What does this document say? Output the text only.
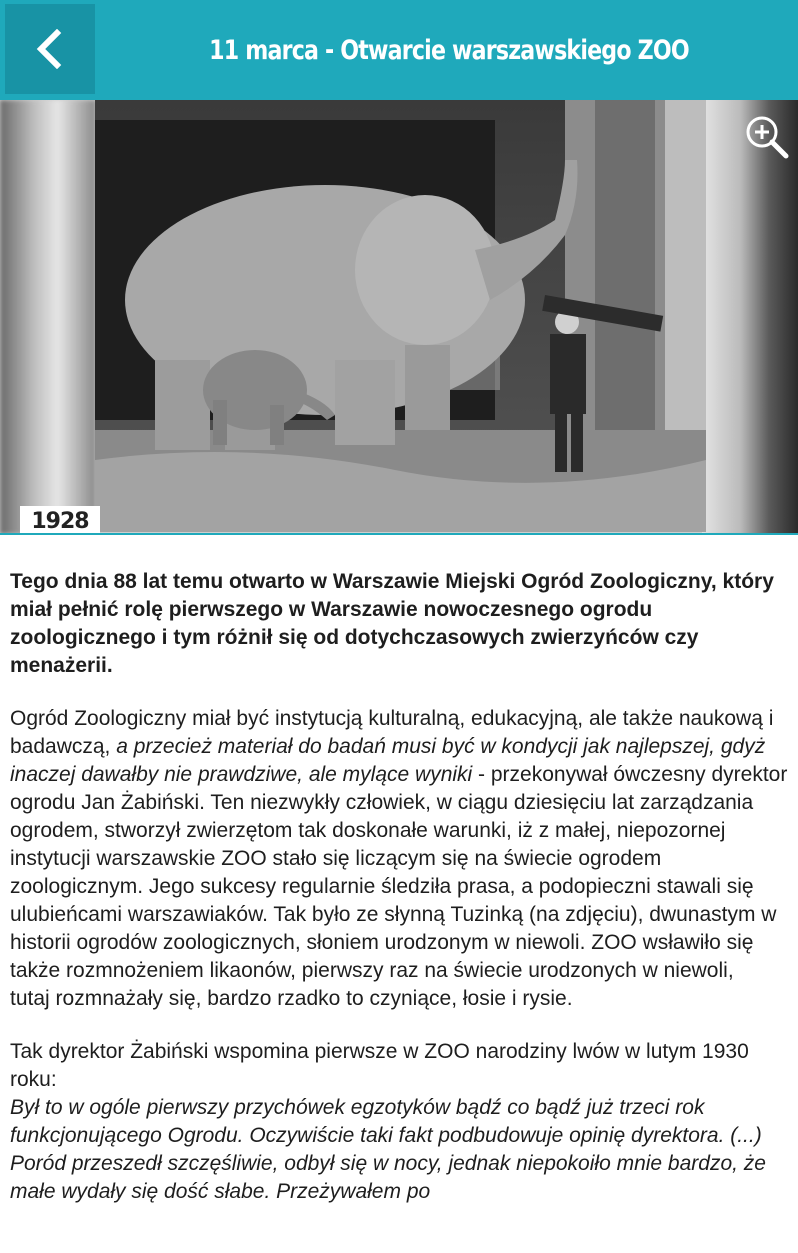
11 marca - Otwarcie warszawskiego ZOO
1928

Tego dnia 88 lat temu otwarto w Warszawie Miejski Ogród Zoologiczny, który miał pełnić rolę pierwszego w Warszawie nowoczesnego ogrodu zoologicznego i tym różnił się od dotychczasowych zwierzyńców czy menażerii.

Ogród Zoologiczny miał być instytucją kulturalną, edukacyjną, ale także naukową i badawczą, a przecież materiał do badań musi być w kondycji jak najlepszej, gdyż inaczej dawałby nie prawdziwe, ale mylące wyniki - przekonywał ówczesny dyrektor ogrodu Jan Żabiński. Ten niezwykły człowiek, w ciągu dziesięciu lat zarządzania ogrodem, stworzył zwierzętom tak doskonałe warunki, iż z małej, niepozornej instytucji warszawskie ZOO stało się liczącym się na świecie ogrodem zoologicznym. Jego sukcesy regularnie śledziła prasa, a podopieczni stawali się ulubieńcami warszawiaków. Tak było ze słynną Tuzinką (na zdjęciu), dwunastym w historii ogrodów zoologicznych, słoniem urodzonym w niewoli. ZOO wsławiło się także rozmnożeniem likaonów, pierwszy raz na świecie urodzonych w niewoli,
tutaj rozmnażały się, bardzo rzadko to czyniące, łosie i rysie.

Tak dyrektor Żabiński wspomina pierwsze w ZOO narodziny lwów w lutym 1930 roku:
Był to w ogóle pierwszy przychówek egzotyków bądź co bądź już trzeci rok funkcjonującego Ogrodu. Oczywiście taki fakt podbudowuje opinię dyrektora. (...) Poród przeszedł szczęśliwie, odbył się w nocy, jednak niepokoiło mnie bardzo, że małe wydały się dość słabe. Przeżywałem po
